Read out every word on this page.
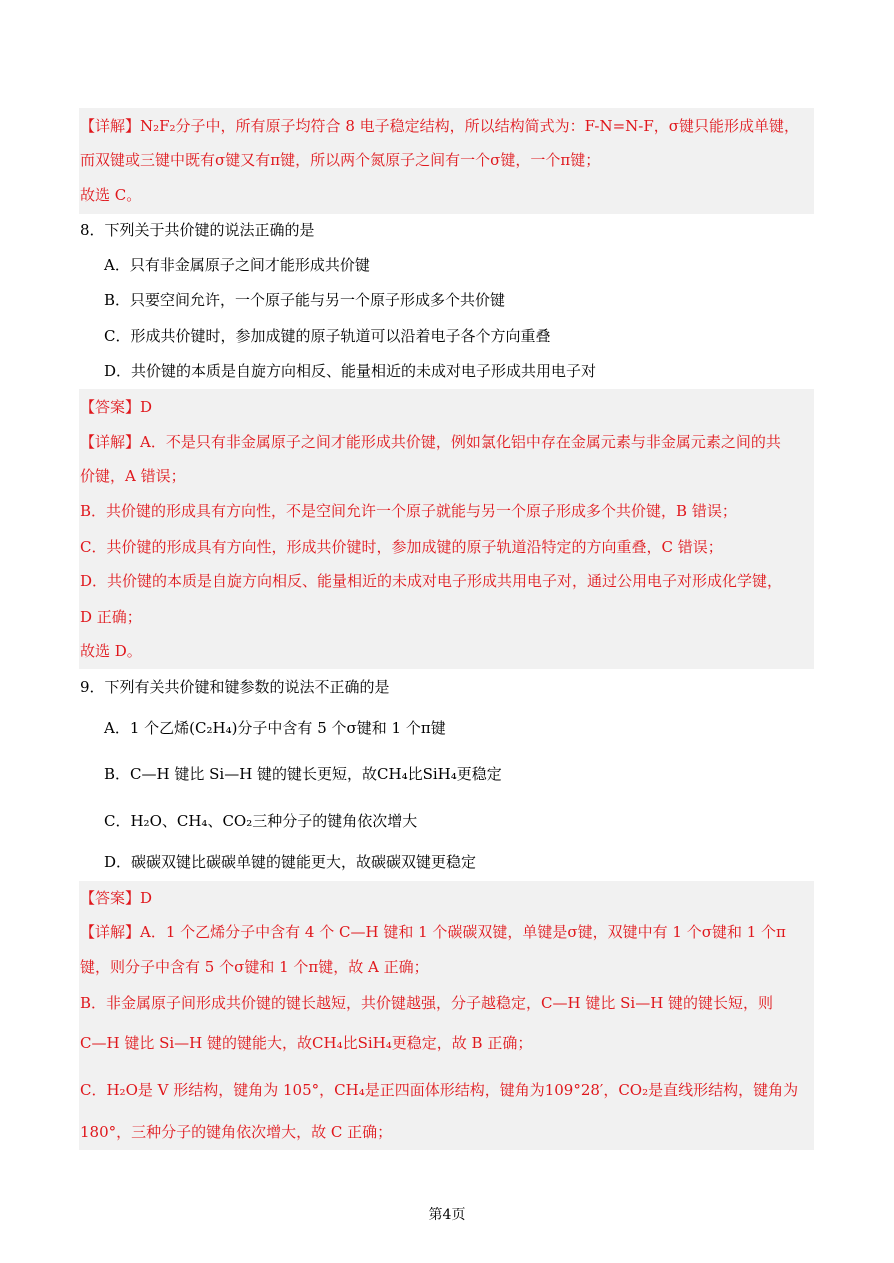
【详解】N₂F₂分子中，所有原子均符合 8 电子稳定结构，所以结构简式为：F-N=N-F，σ键只能形成单键，
而双键或三键中既有σ键又有π键，所以两个氮原子之间有一个σ键，一个π键；
故选 C。
8．下列关于共价键的说法正确的是
A．只有非金属原子之间才能形成共价键
B．只要空间允许，一个原子能与另一个原子形成多个共价键
C．形成共价键时，参加成键的原子轨道可以沿着电子各个方向重叠
D．共价键的本质是自旋方向相反、能量相近的未成对电子形成共用电子对
【答案】D
【详解】A．不是只有非金属原子之间才能形成共价键，例如氯化铝中存在金属元素与非金属元素之间的共
价键，A 错误；
B．共价键的形成具有方向性，不是空间允许一个原子就能与另一个原子形成多个共价键，B 错误；
C．共价键的形成具有方向性，形成共价键时，参加成键的原子轨道沿特定的方向重叠，C 错误；
D．共价键的本质是自旋方向相反、能量相近的未成对电子形成共用电子对，通过公用电子对形成化学键，
D 正确；
故选 D。
9．下列有关共价键和键参数的说法不正确的是
A．1 个乙烯(C₂H₄)分子中含有 5 个σ键和 1 个π键
B．C—H 键比 Si—H 键的键长更短，故CH₄比SiH₄更稳定
C．H₂O、CH₄、CO₂三种分子的键角依次增大
D．碳碳双键比碳碳单键的键能更大，故碳碳双键更稳定
【答案】D
【详解】A．1 个乙烯分子中含有 4 个 C—H 键和 1 个碳碳双键，单键是σ键，双键中有 1 个σ键和 1 个π
键，则分子中含有 5 个σ键和 1 个π键，故 A 正确；
B．非金属原子间形成共价键的键长越短，共价键越强，分子越稳定，C—H 键比 Si—H 键的键长短，则
C—H 键比 Si—H 键的键能大，故CH₄比SiH₄更稳定，故 B 正确；
C．H₂O是 V 形结构，键角为 105°，CH₄是正四面体形结构，键角为109°28′，CO₂是直线形结构，键角为
180°，三种分子的键角依次增大，故 C 正确；
第4页
